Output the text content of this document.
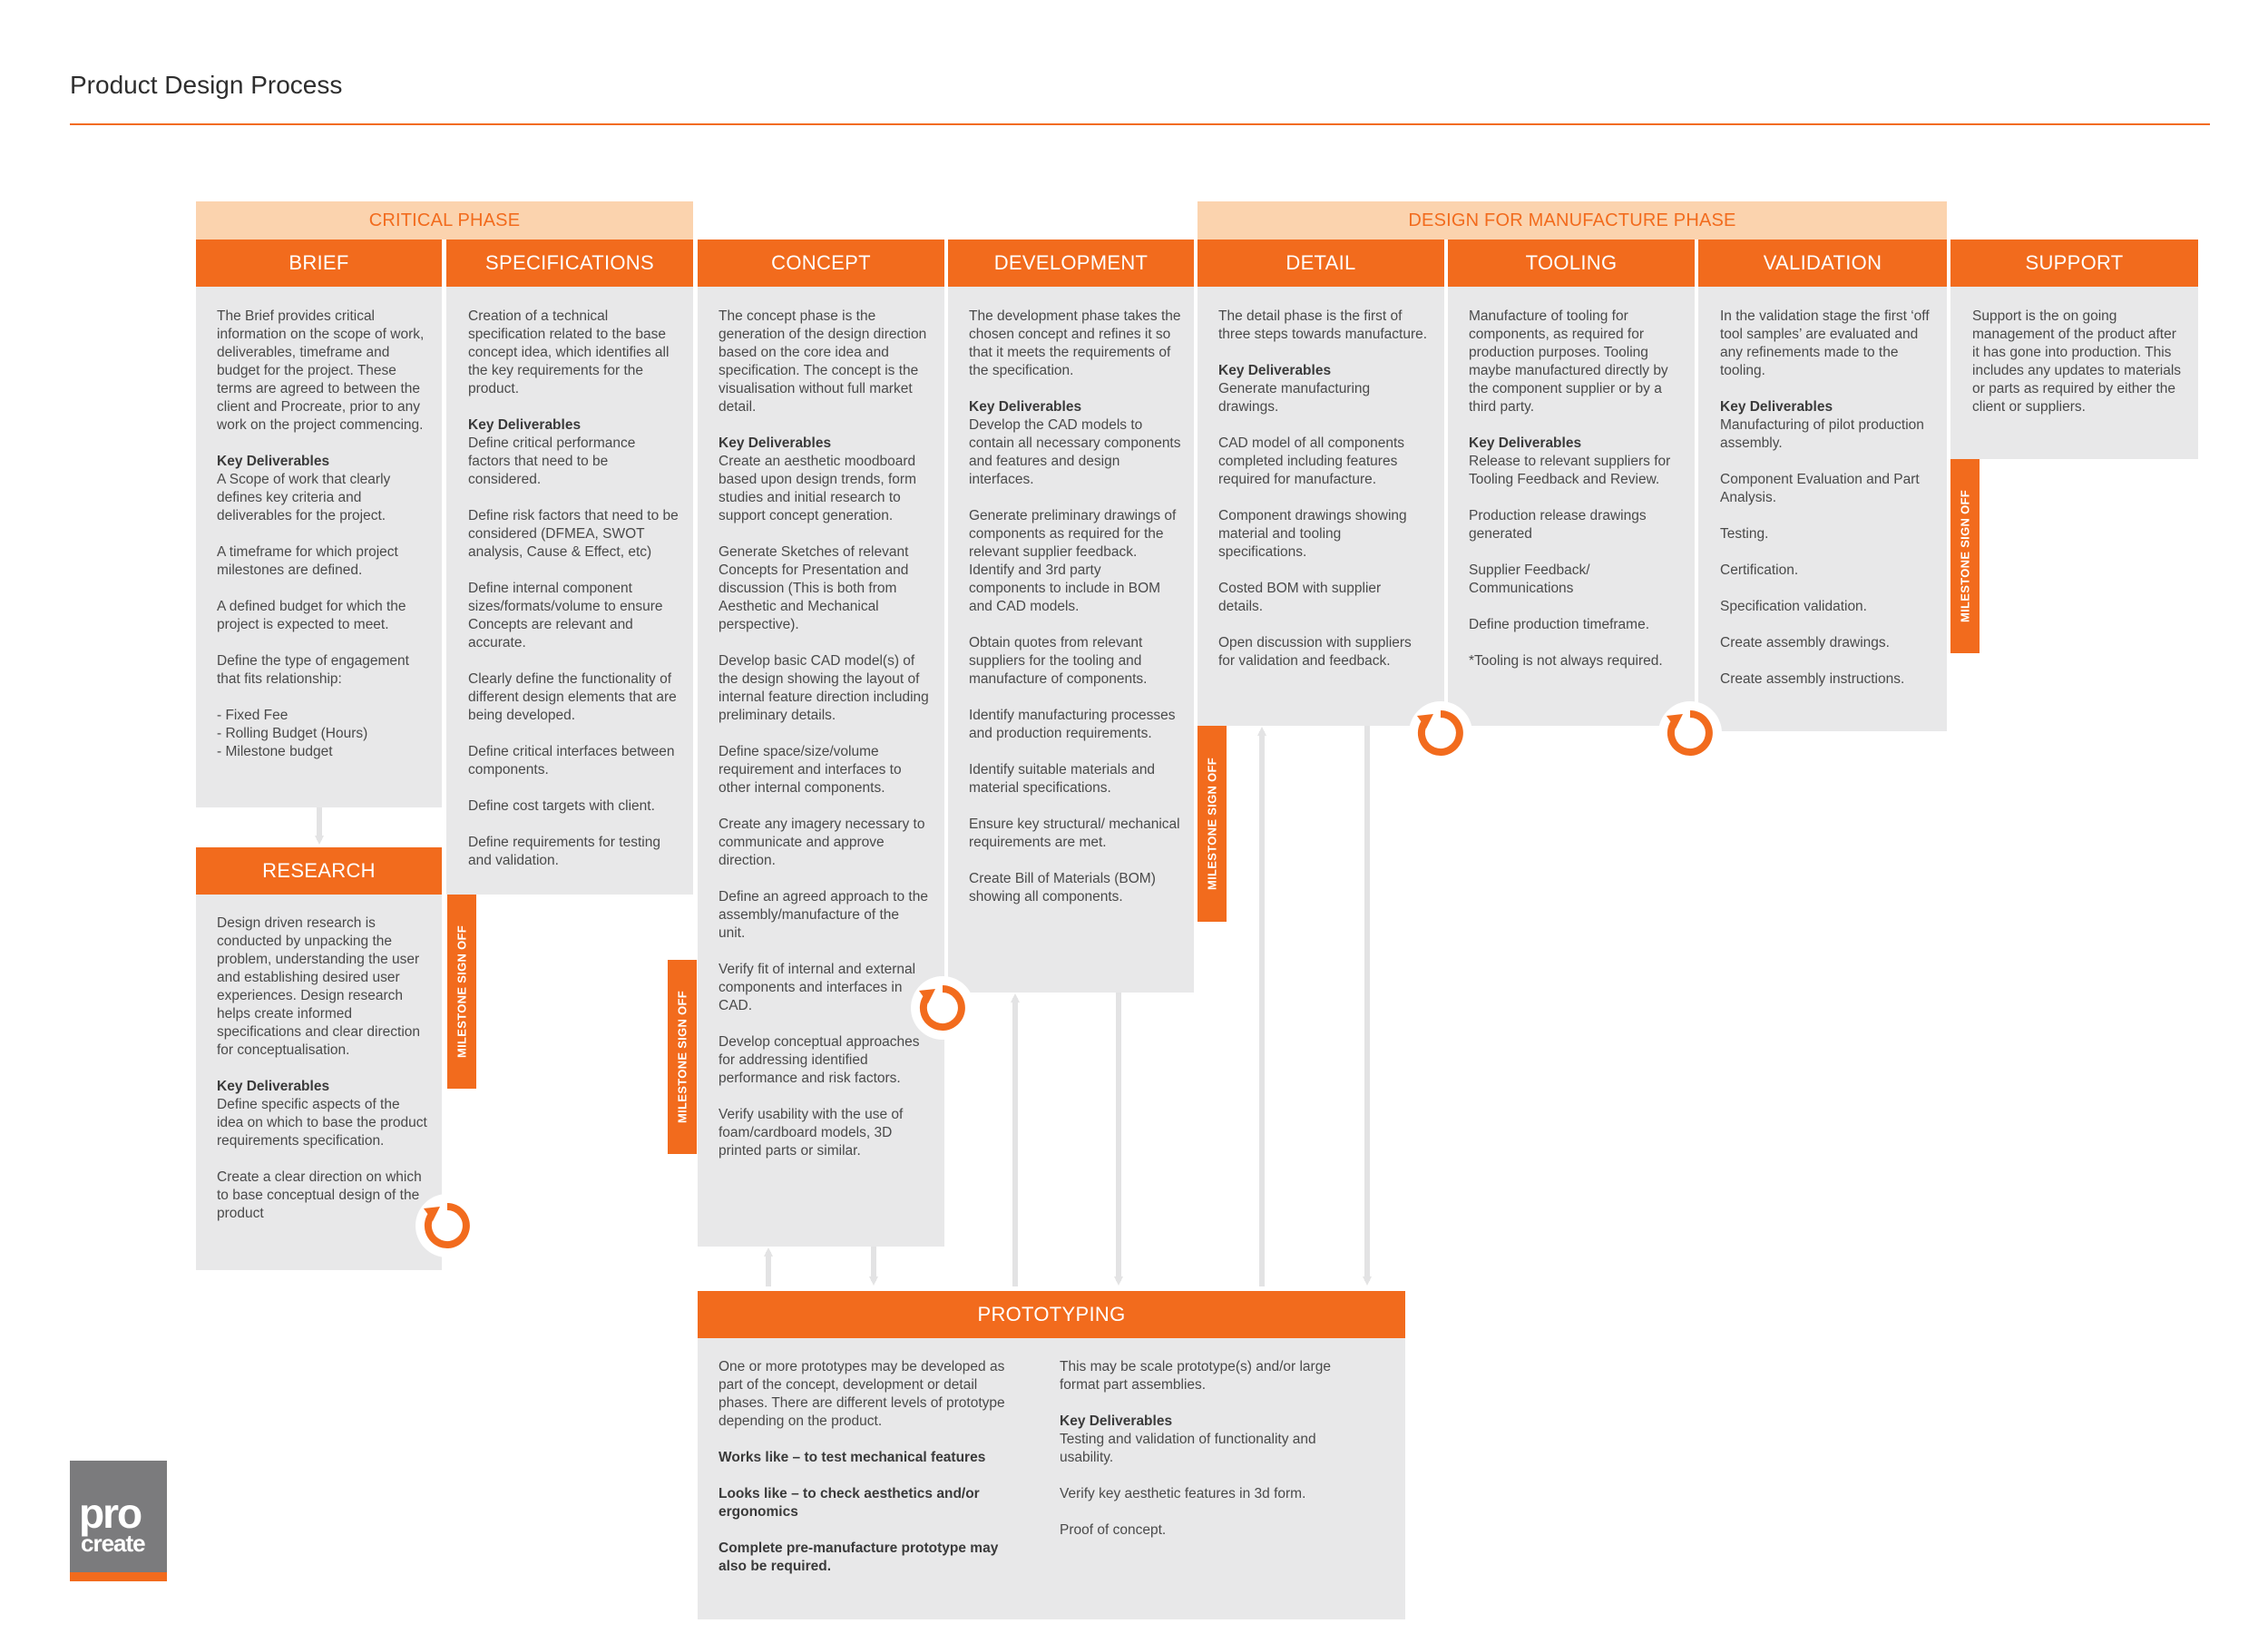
Product Design Process
CRITICAL PHASE	DESIGN FOR MANUFACTURE PHASE
BRIEF	SPECIFICATIONS	CONCEPT	DEVELOPMENT	DETAIL	TOOLING	VALIDATION	SUPPORT
RESEARCH
PROTOTYPING

The Brief provides critical information on the scope of work, deliverables, timeframe and budget for the project. These terms are agreed to between the client and Procreate, prior to any work on the project commencing.

Key Deliverables

A Scope of work that clearly defines key criteria and deliverables for the project.

A timeframe for which project milestones are defined.

A defined budget for which the project is expected to meet.

Define the type of engagement that fits relationship:

- Fixed Fee
- Rolling Budget (Hours)
- Milestone budget

Design driven research is conducted by unpacking the problem, understanding the user and establishing desired user experiences. Design research helps create informed specifications and clear direction for conceptualisation.

Key Deliverables

Define specific aspects of the idea on which to base the product requirements specification.

Create a clear direction on which to base conceptual design of the product

Creation of a technical specification related to the base concept idea, which identifies all the key requirements for the product.

Key Deliverables

Define critical performance factors that need to be considered.

Define risk factors that need to be considered (DFMEA, SWOT analysis, Cause & Effect, etc)

Define internal component sizes/formats/volume to ensure Concepts are relevant and accurate.

Clearly define the functionality of different design elements that are being developed.

Define critical interfaces between components.

Define cost targets with client.

Define requirements for testing and validation.

The concept phase is the generation of the design direction based on the core idea and specification. The concept is the visualisation without full market detail.

Key Deliverables

Create an aesthetic moodboard based upon design trends, form studies and initial research to support concept generation.

Generate Sketches of relevant Concepts for Presentation and discussion (This is both from Aesthetic and Mechanical perspective).

Develop basic CAD model(s) of the design showing the layout of internal feature direction including preliminary details.

Define space/size/volume requirement and interfaces to other internal components.

Create any imagery necessary to communicate and approve direction.

Define an agreed approach to the assembly/manufacture of the unit.

Verify fit of internal and external components and interfaces in CAD.

Develop conceptual approaches for addressing identified performance and risk factors.

Verify usability with the use of foam/cardboard models, 3D printed parts or similar.

The development phase takes the chosen concept and refines it so that it meets the requirements of the specification.

Key Deliverables

Develop the CAD models to contain all necessary components and features and design interfaces.

Generate preliminary drawings of components as required for the relevant supplier feedback. Identify and 3rd party components to include in BOM and CAD models.

Obtain quotes from relevant suppliers for the tooling and manufacture of components.

Identify manufacturing processes and production requirements.

Identify suitable materials and material specifications.

Ensure key structural/ mechanical requirements are met.

Create Bill of Materials (BOM) showing all components.

The detail phase is the first of three steps towards manufacture.

Key Deliverables

Generate manufacturing drawings.

CAD model of all components completed including features required for manufacture.

Component drawings showing material and tooling specifications.

Costed BOM with supplier details.

Open discussion with suppliers for validation and feedback.

Manufacture of tooling for components, as required for production purposes. Tooling maybe manufactured directly by the component supplier or by a third party.

Key Deliverables

Release to relevant suppliers for Tooling Feedback and Review.

Production release drawings generated

Supplier Feedback/ Communications

Define production timeframe.

*Tooling is not always required.

In the validation stage the first ‘off tool samples’ are evaluated and any refinements made to the tooling.

Key Deliverables

Manufacturing of pilot production assembly.

Component Evaluation and Part Analysis.

Testing.

Certification.

Specification validation.

Create assembly drawings.

Create assembly instructions.

Support is the on going management of the product after it has gone into production. This includes any updates to materials or parts as required by either the client or suppliers.

One or more prototypes may be developed as part of the concept, development or detail phases. There are different levels of prototype depending on the product.

Works like – to test mechanical features

Looks like – to check aesthetics and/or ergonomics

Complete pre-manufacture prototype may also be required.

This may be scale prototype(s) and/or large format part assemblies.

Key Deliverables

Testing and validation of functionality and usability.

Verify key aesthetic features in 3d form.

Proof of concept.

MILESTONE SIGN OFF	MILESTONE SIGN OFF
MILESTONE SIGN OFF
MILESTONE SIGN OFF
pro
create
